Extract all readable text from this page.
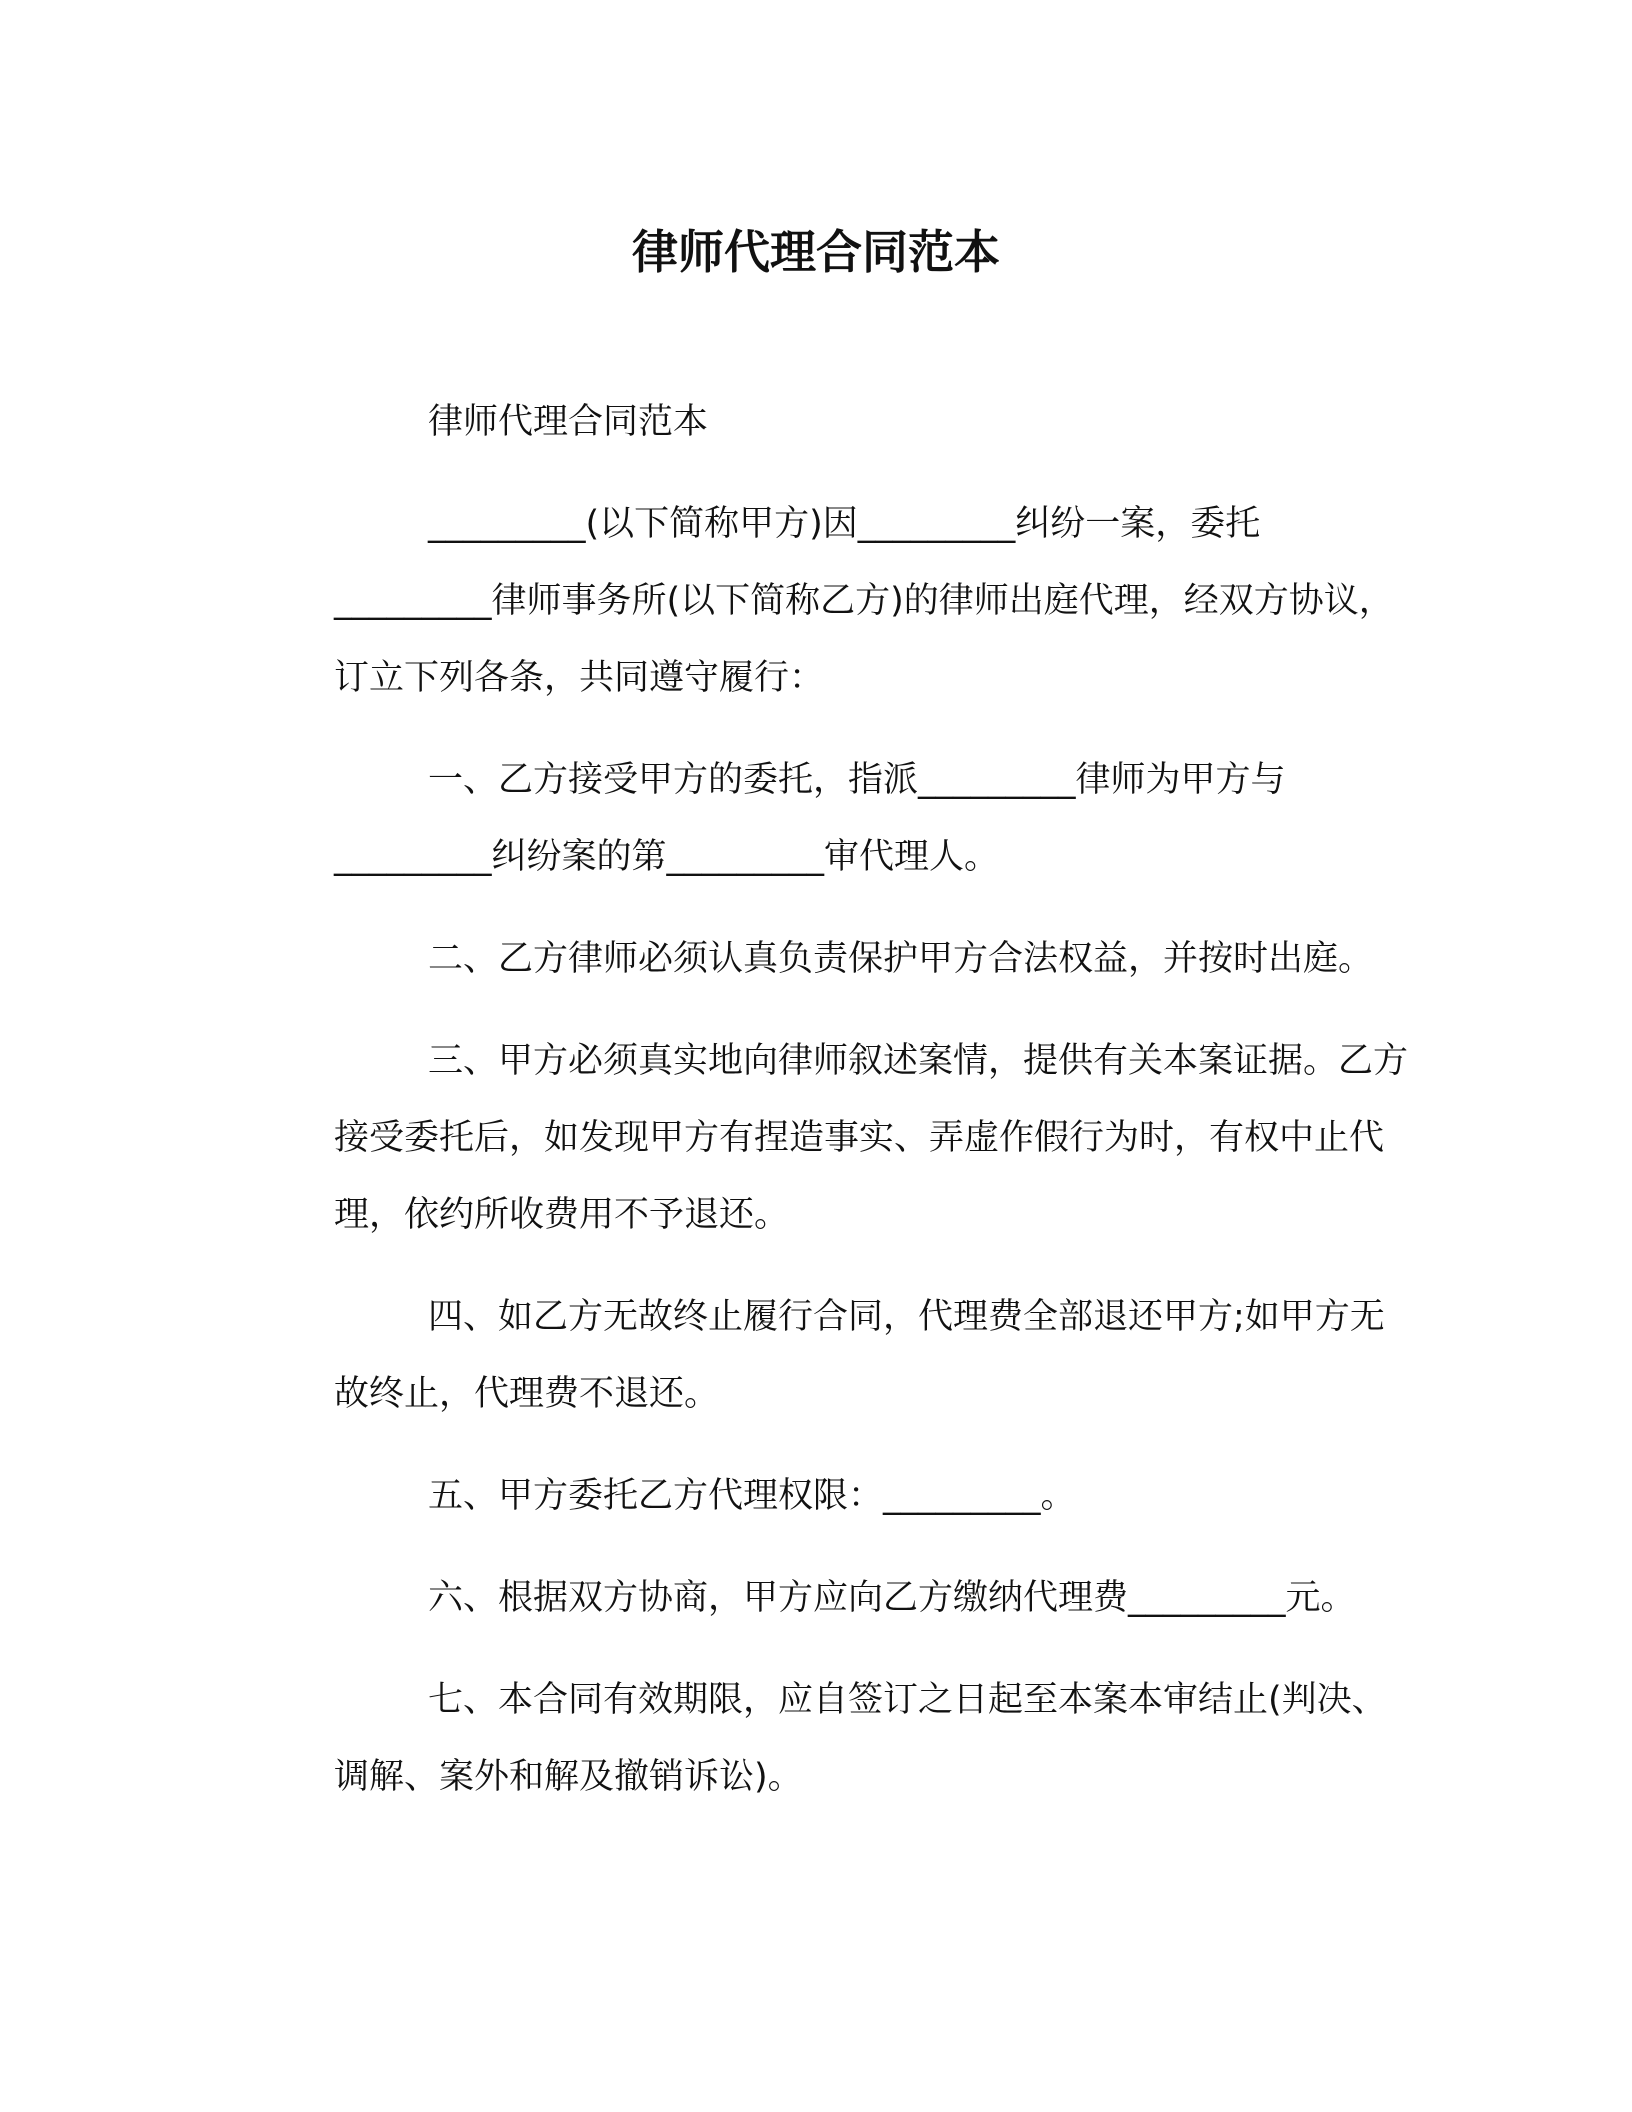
律师代理合同范本
律师代理合同范本
_________(以下简称甲方)因_________纠纷一案，委托
_________律师事务所(以下简称乙方)的律师出庭代理，经双方协议，
订立下列各条，共同遵守履行：
一、乙方接受甲方的委托，指派_________律师为甲方与
_________纠纷案的第_________审代理人。
二、乙方律师必须认真负责保护甲方合法权益，并按时出庭。
三、甲方必须真实地向律师叙述案情，提供有关本案证据。乙方
接受委托后，如发现甲方有捏造事实、弄虚作假行为时，有权中止代
理，依约所收费用不予退还。
四、如乙方无故终止履行合同，代理费全部退还甲方;如甲方无
故终止，代理费不退还。
五、甲方委托乙方代理权限：_________。
六、根据双方协商，甲方应向乙方缴纳代理费_________元。
七、本合同有效期限，应自签订之日起至本案本审结止(判决、
调解、案外和解及撤销诉讼)。
